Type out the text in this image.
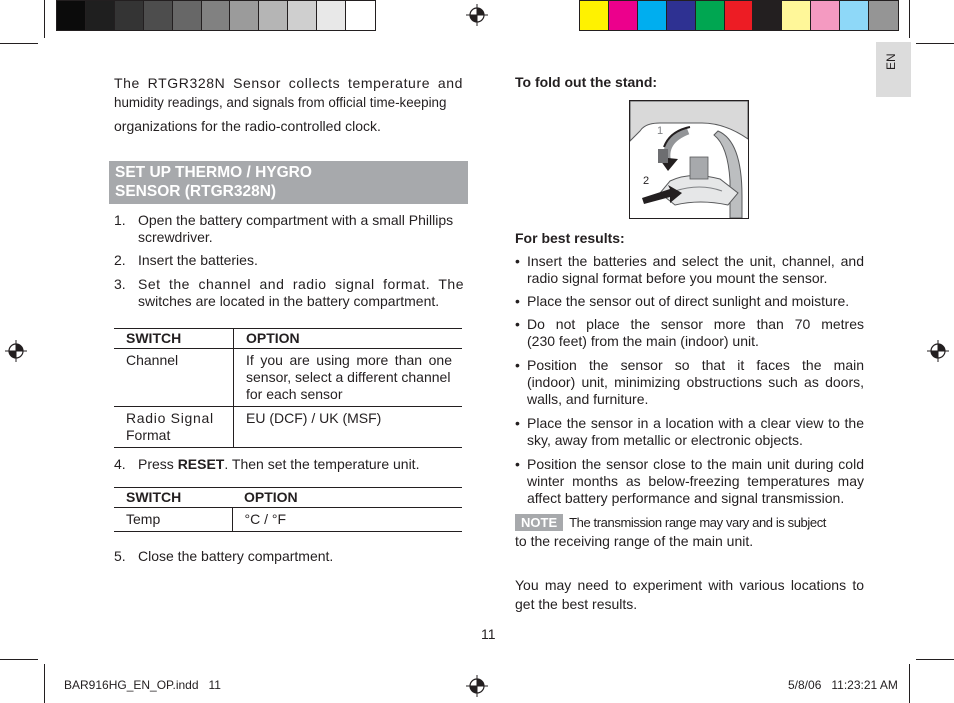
EN
The RTGR328N Sensor collects temperature and
humidity readings, and signals from official time-keeping
organizations for the radio-controlled clock.
SET UP THERMO / HYGRO
SENSOR (RTGR328N)
1. Open the battery compartment with a small Phillips
screwdriver.
2. Insert the batteries.
3. Set the channel and radio signal format. The
switches are located in the battery compartment.
SWITCH	OPTION

Channel	If you are using more than one
sensor, select a different channel
for each sensor

Radio Signal
Format	EU (DCF) / UK (MSF)
4. Press RESET. Then set the temperature unit.
SWITCH	OPTION
Temp	°C / °F
5. Close the battery compartment.
11
To fold out the stand:
1
2
For best results:
• Insert the batteries and select the unit, channel, and
radio signal format before you mount the sensor.
• Place the sensor out of direct sunlight and moisture.
• Do not place the sensor more than 70 metres
(230 feet) from the main (indoor) unit.
• Position the sensor so that it faces the main
(indoor) unit, minimizing obstructions such as doors,
walls, and furniture.
• Place the sensor in a location with a clear view to the
sky, away from metallic or electronic objects.
• Position the sensor close to the main unit during cold
winter months as below-freezing temperatures may
affect battery performance and signal transmission.
NOTE The transmission range may vary and is subject
to the receiving range of the main unit.
You may need to experiment with various locations to
get the best results.
BAR916HG_EN_OP.indd   11	5/8/06   11:23:21 AM
